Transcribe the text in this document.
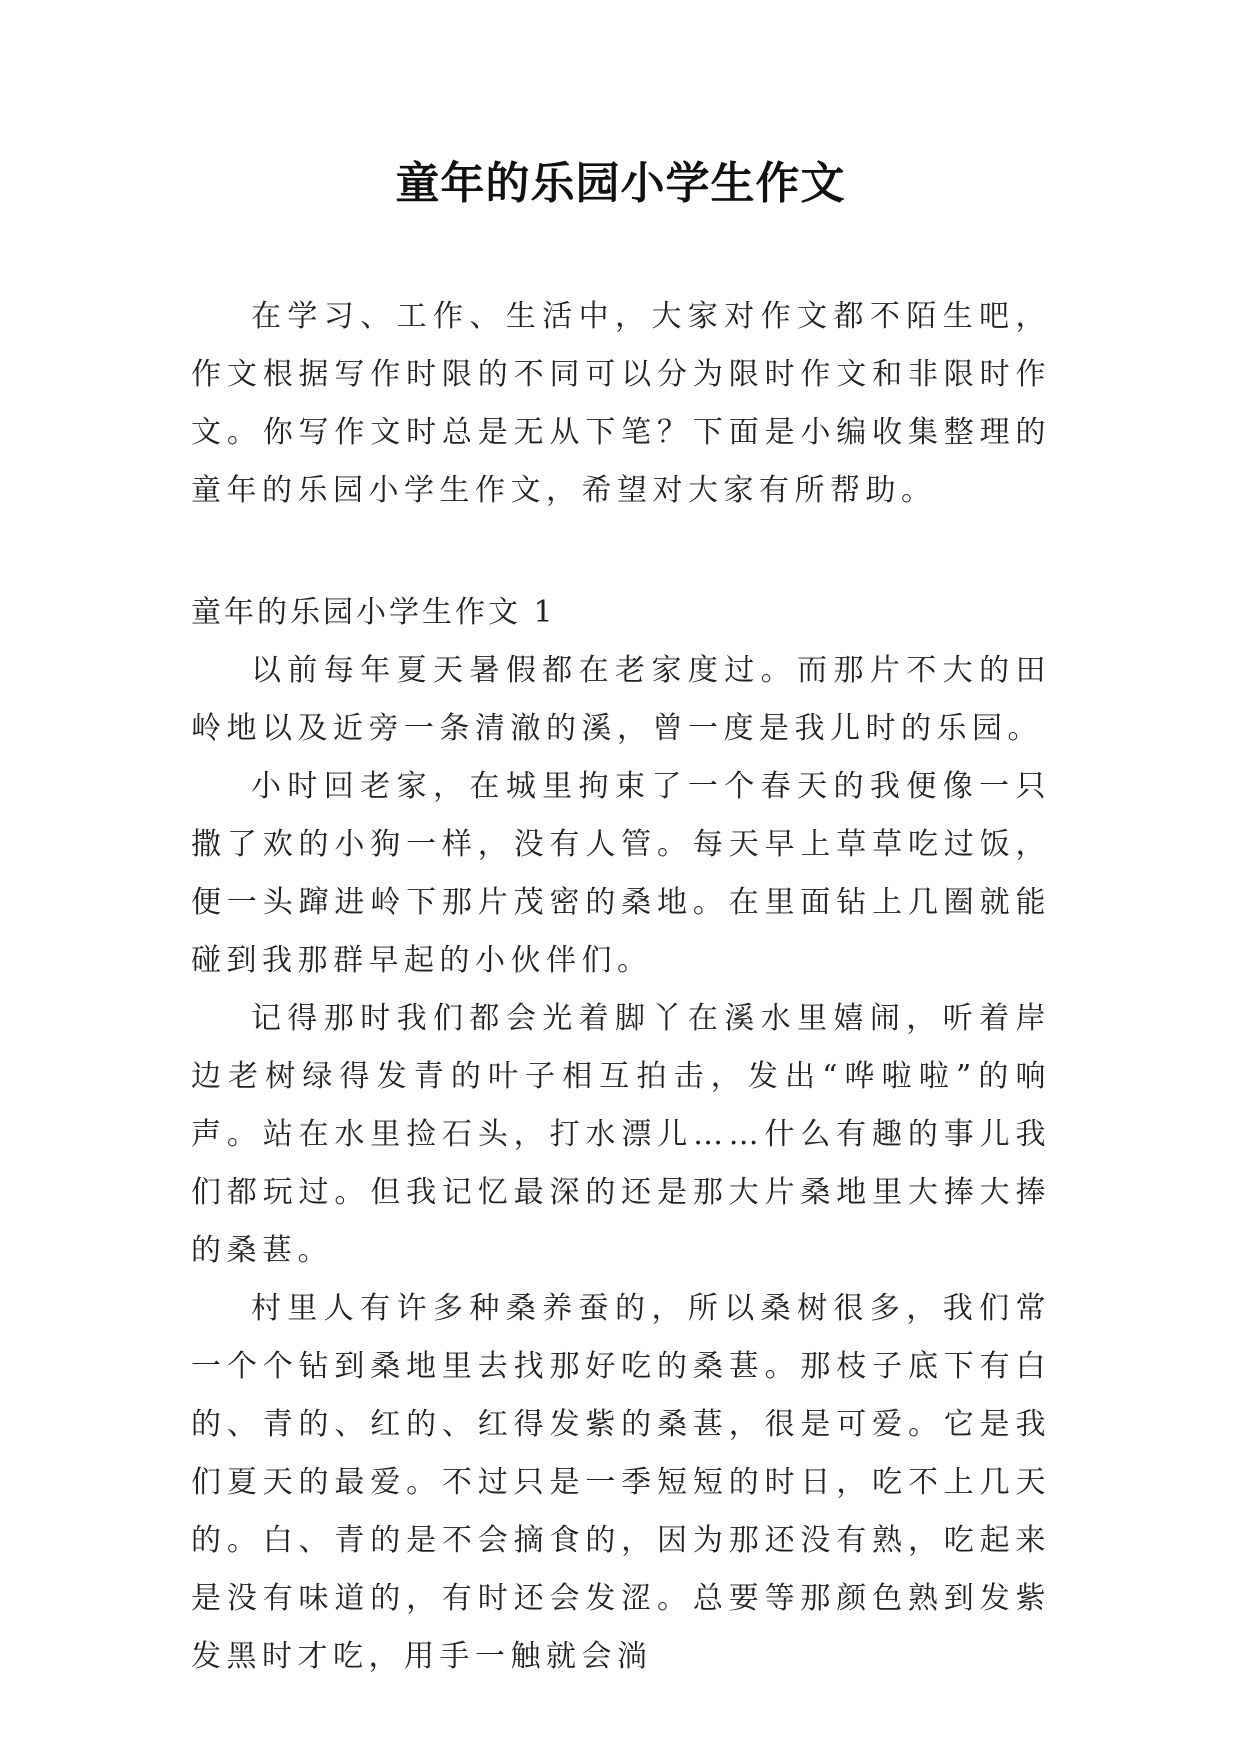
童年的乐园小学生作文

在学习、工作、生活中，大家对作文都不陌生吧，作文根据写作时限的不同可以分为限时作文和非限时作文。你写作文时总是无从下笔？下面是小编收集整理的童年的乐园小学生作文，希望对大家有所帮助。

童年的乐园小学生作文 1

以前每年夏天暑假都在老家度过。而那片不大的田岭地以及近旁一条清澈的溪，曾一度是我儿时的乐园。

小时回老家，在城里拘束了一个春天的我便像一只撒了欢的小狗一样，没有人管。每天早上草草吃过饭，便一头蹿进岭下那片茂密的桑地。在里面钻上几圈就能碰到我那群早起的小伙伴们。

记得那时我们都会光着脚丫在溪水里嬉闹，听着岸边老树绿得发青的叶子相互拍击，发出“哗啦啦”的响声。站在水里捡石头，打水漂儿……什么有趣的事儿我们都玩过。但我记忆最深的还是那大片桑地里大捧大捧的桑葚。

村里人有许多种桑养蚕的，所以桑树很多，我们常一个个钻到桑地里去找那好吃的桑葚。那枝子底下有白的、青的、红的、红得发紫的桑葚，很是可爱。它是我们夏天的最爱。不过只是一季短短的时日，吃不上几天的。白、青的是不会摘食的，因为那还没有熟，吃起来是没有味道的，有时还会发涩。总要等那颜色熟到发紫发黑时才吃，用手一触就会淌
